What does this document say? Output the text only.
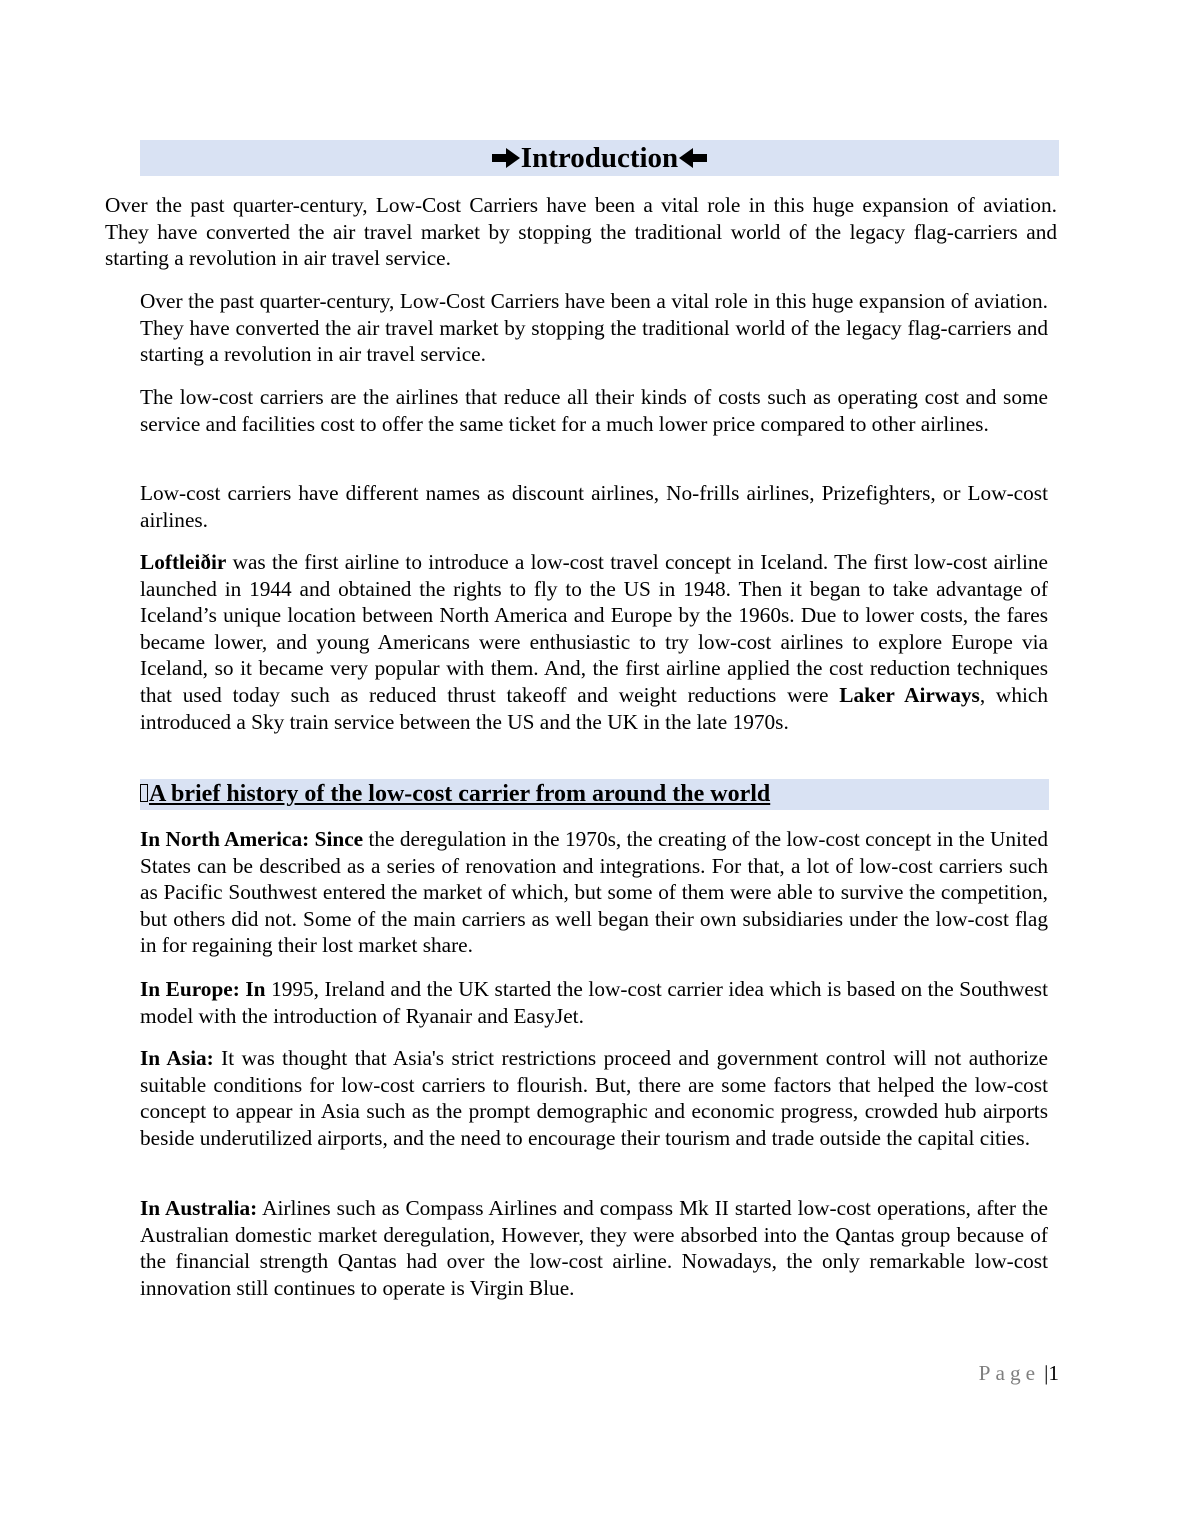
Introduction

Over the past quarter-century, Low-Cost Carriers have been a vital role in this huge expansion of aviation. They have converted the air travel market by stopping the traditional world of the legacy flag-carriers and starting a revolution in air travel service.

Over the past quarter-century, Low-Cost Carriers have been a vital role in this huge expansion of aviation. They have converted the air travel market by stopping the traditional world of the legacy flag-carriers and starting a revolution in air travel service.

The low-cost carriers are the airlines that reduce all their kinds of costs such as operating cost and some service and facilities cost to offer the same ticket for a much lower price compared to other airlines.

Low-cost carriers have different names as discount airlines, No-frills airlines, Prizefighters, or Low-cost airlines.

Loftleiðir was the first airline to introduce a low-cost travel concept in Iceland. The first low-cost airline launched in 1944 and obtained the rights to fly to the US in 1948. Then it began to take advantage of Iceland’s unique location between North America and Europe by the 1960s. Due to lower costs, the fares became lower, and young Americans were enthusiastic to try low-cost airlines to explore Europe via Iceland, so it became very popular with them. And, the first airline applied the cost reduction techniques that used today such as reduced thrust takeoff and weight reductions were Laker Airways, which introduced a Sky train service between the US and the UK in the late 1970s.

A brief history of the low-cost carrier from around the world

In North America: Since the deregulation in the 1970s, the creating of the low-cost concept in the United States can be described as a series of renovation and integrations. For that, a lot of low-cost carriers such as Pacific Southwest entered the market of which, but some of them were able to survive the competition, but others did not. Some of the main carriers as well began their own subsidiaries under the low-cost flag in for regaining their lost market share.

In Europe: In 1995, Ireland and the UK started the low-cost carrier idea which is based on the Southwest model with the introduction of Ryanair and EasyJet.

In Asia: It was thought that Asia's strict restrictions proceed and government control will not authorize suitable conditions for low-cost carriers to flourish. But, there are some factors that helped the low-cost concept to appear in Asia such as the prompt demographic and economic progress, crowded hub airports beside underutilized airports, and the need to encourage their tourism and trade outside the capital cities.

In Australia: Airlines such as Compass Airlines and compass Mk II started low-cost operations, after the Australian domestic market deregulation, However, they were absorbed into the Qantas group because of the financial strength Qantas had over the low-cost airline. Nowadays, the only remarkable low-cost innovation still continues to operate is Virgin Blue.

Page |1
